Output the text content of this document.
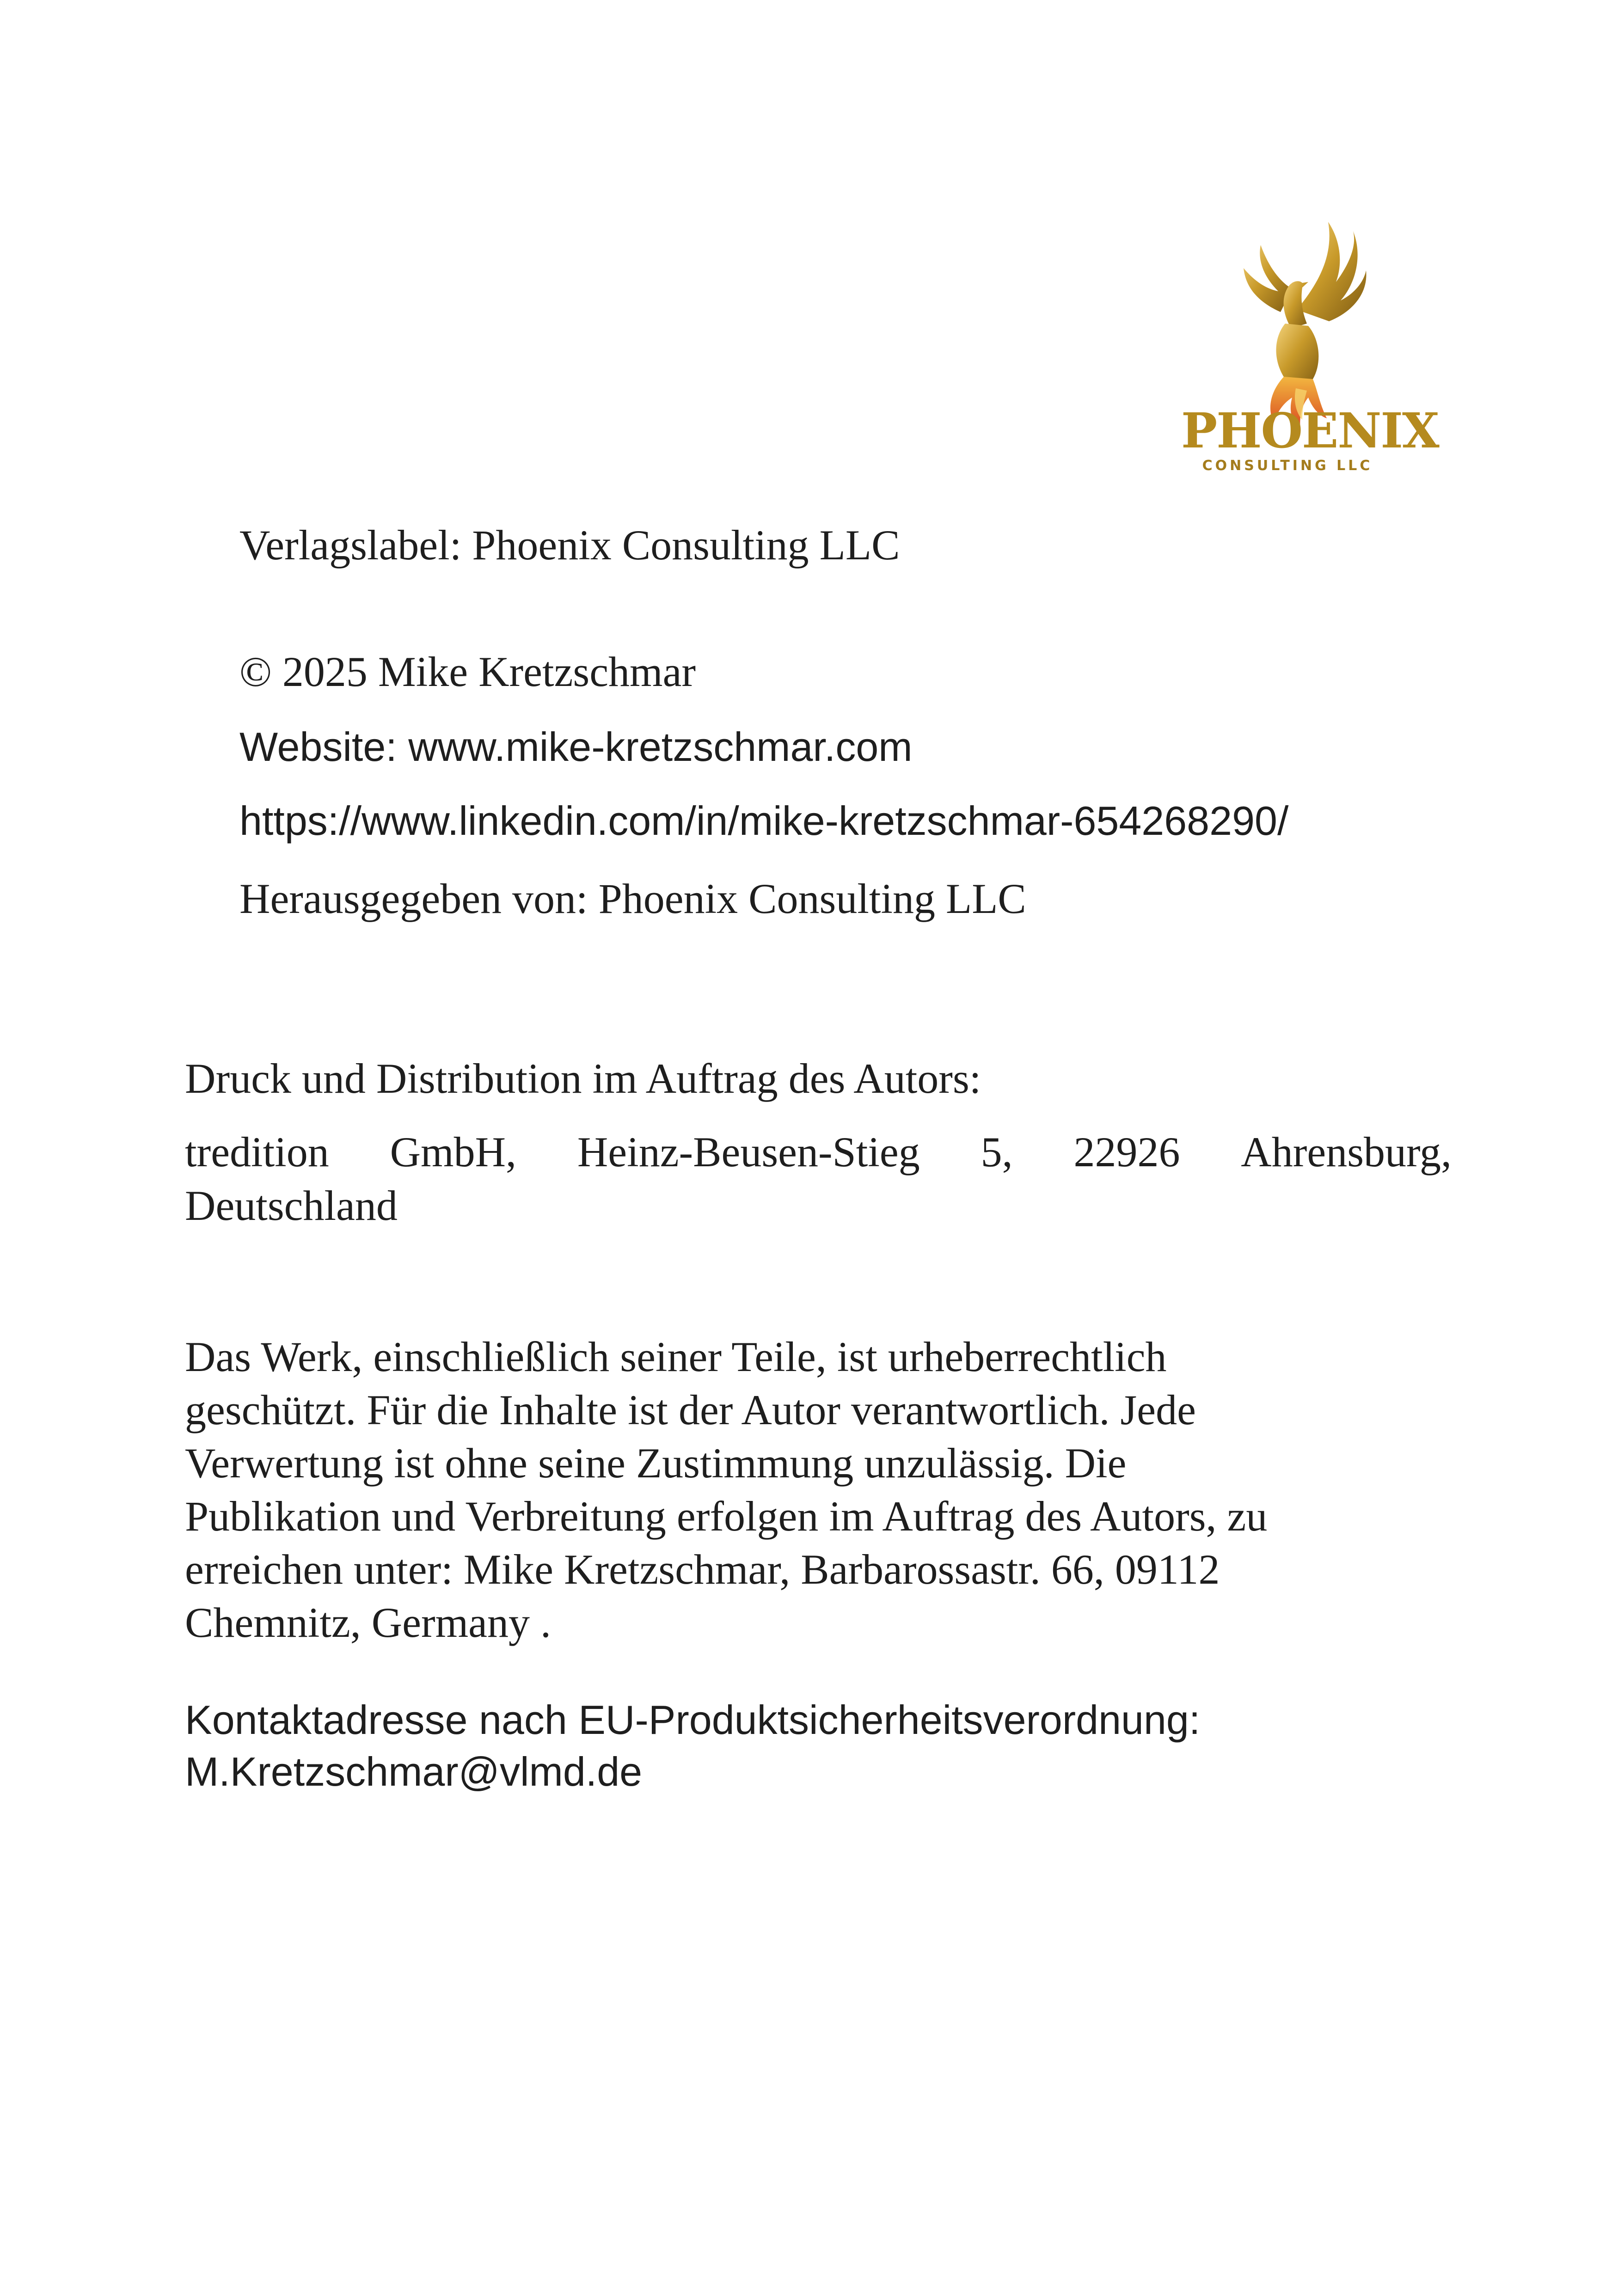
PHOENIX
CONSULTING LLC
Verlagslabel: Phoenix Consulting LLC
© 2025 Mike Kretzschmar
Website: www.mike-kretzschmar.com
https://www.linkedin.com/in/mike-kretzschmar-654268290/
Herausgegeben von: Phoenix Consulting LLC
Druck und Distribution im Auftrag des Autors:
tredition GmbH, Heinz-Beusen-Stieg 5, 22926 Ahrensburg,
Deutschland
Das Werk, einschließlich seiner Teile, ist urheberrechtlich
geschützt. Für die Inhalte ist der Autor verantwortlich. Jede
Verwertung ist ohne seine Zustimmung unzulässig. Die
Publikation und Verbreitung erfolgen im Auftrag des Autors, zu
erreichen unter: Mike Kretzschmar, Barbarossastr. 66, 09112
Chemnitz, Germany .
Kontaktadresse nach EU-Produktsicherheitsverordnung:
M.Kretzschmar@vlmd.de
